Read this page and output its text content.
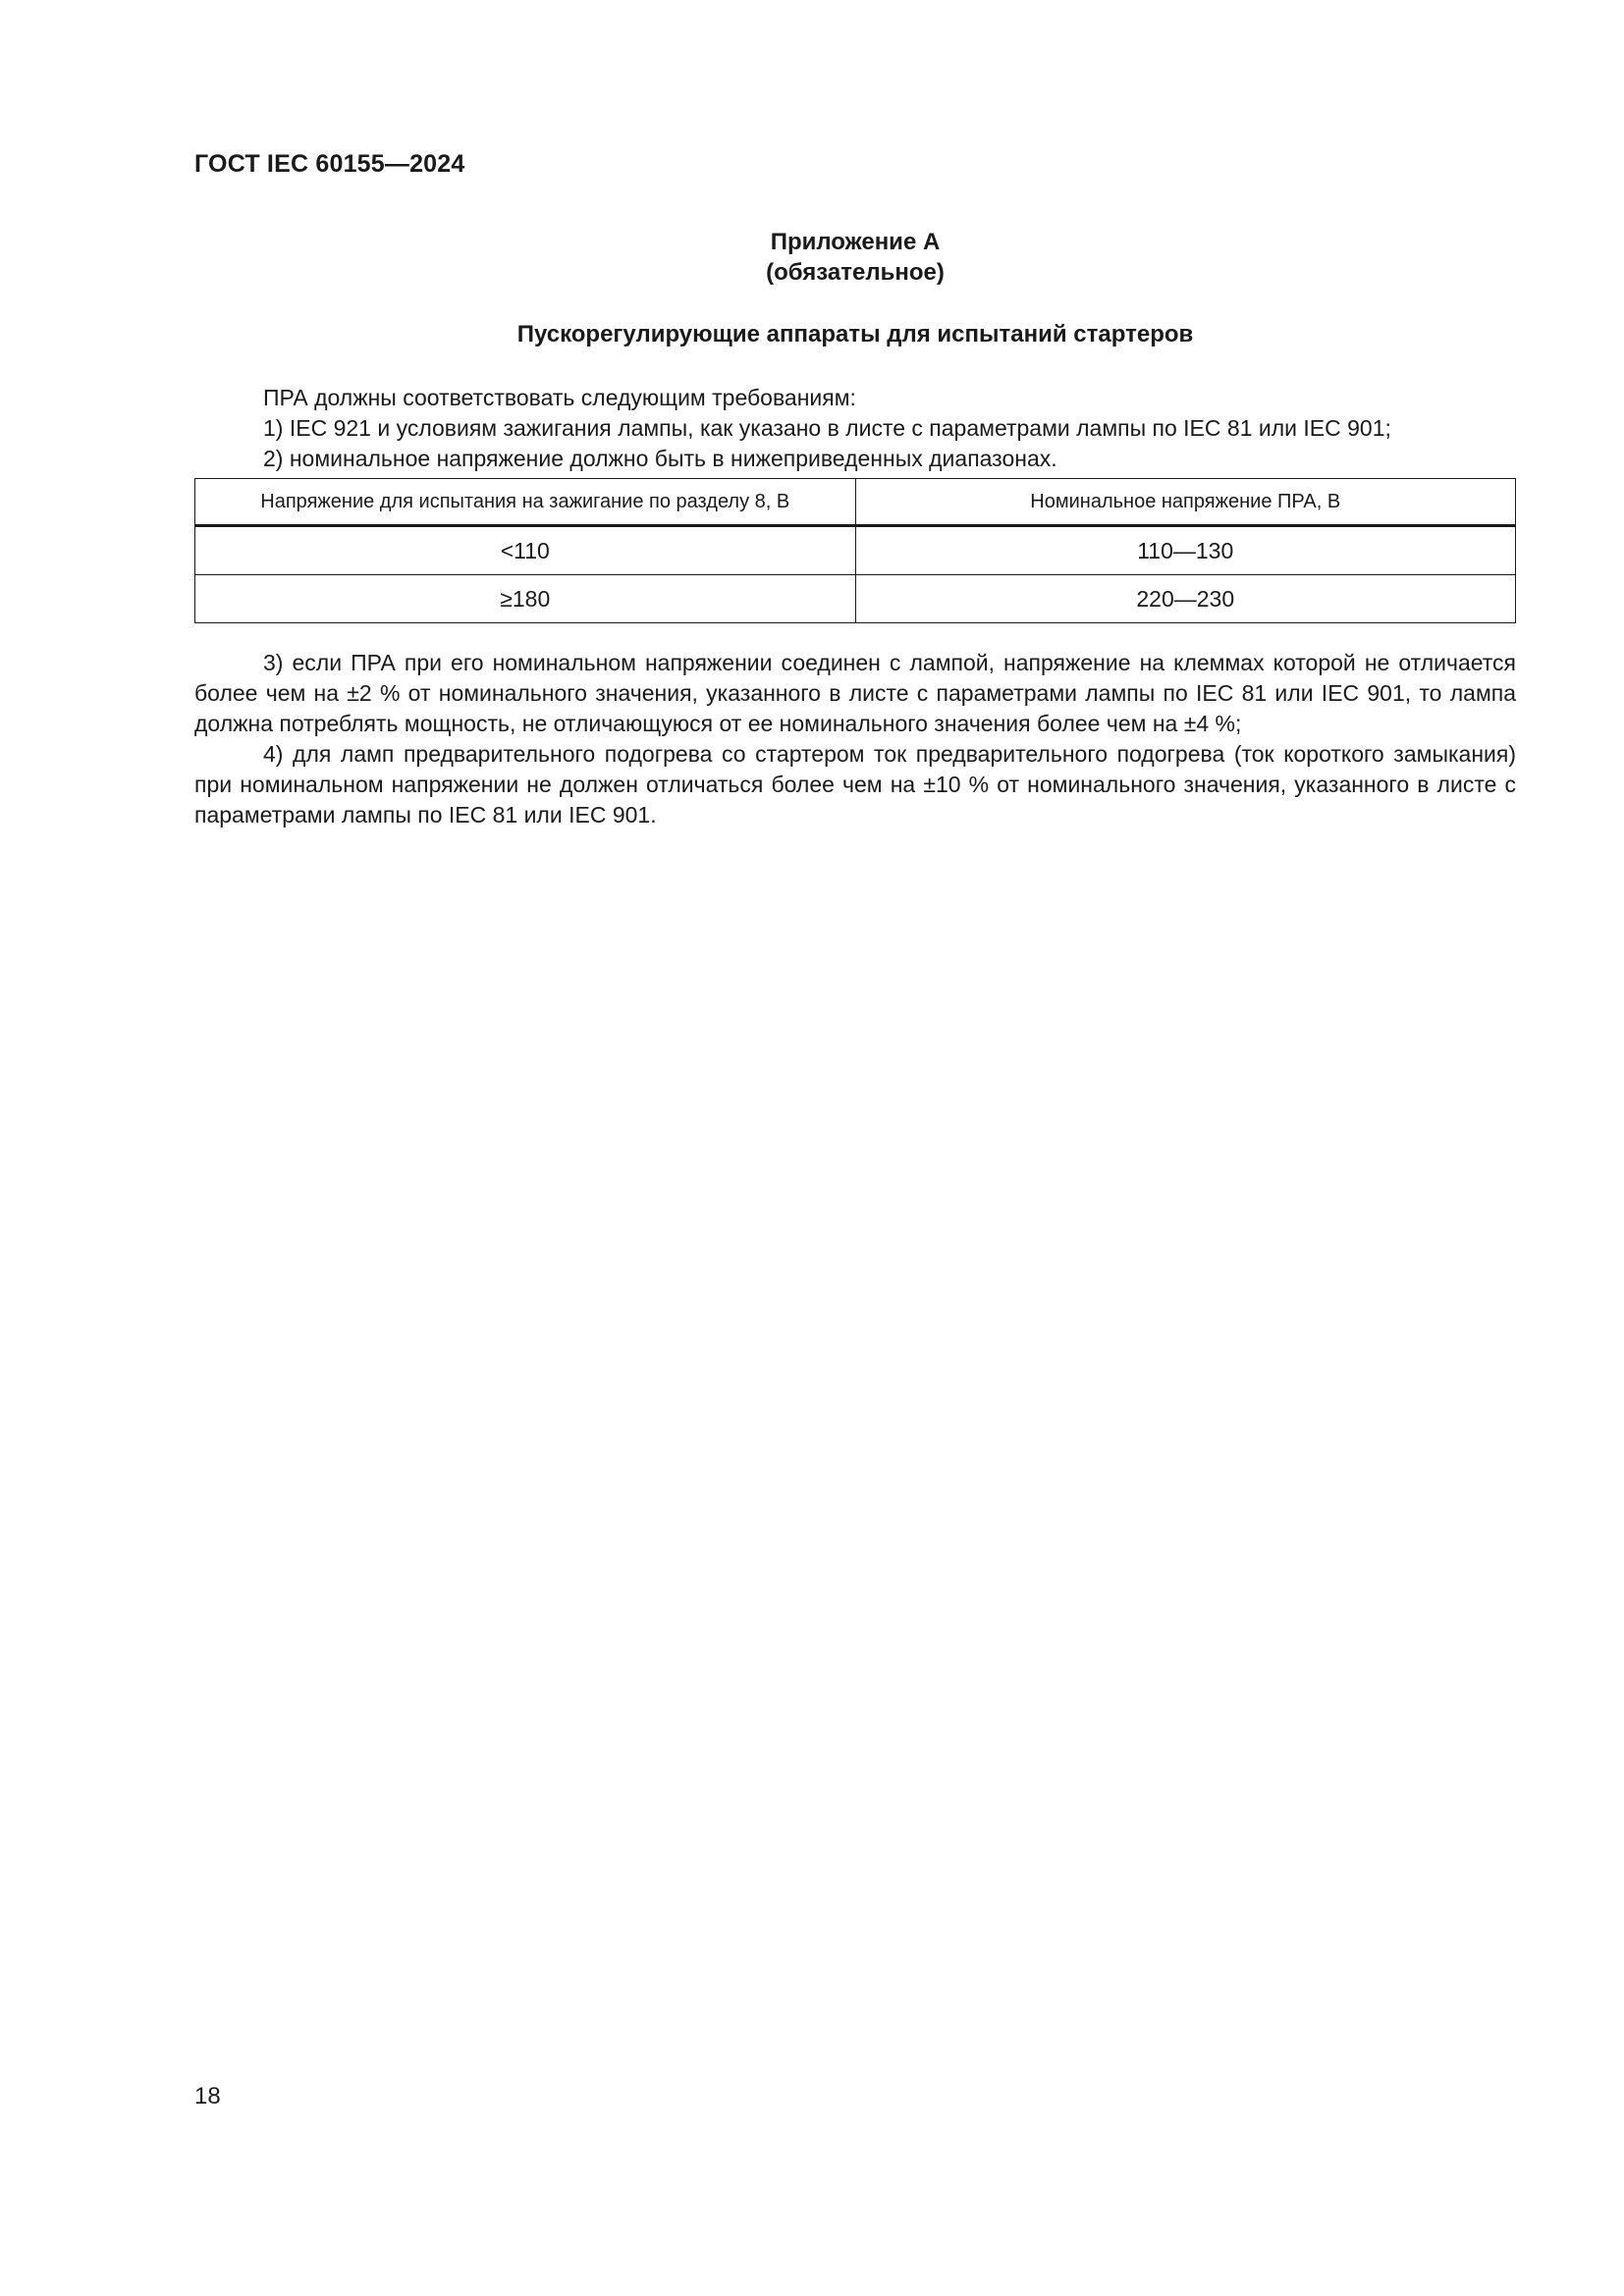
ГОСТ IEC 60155—2024
Приложение А
(обязательное)
Пускорегулирующие аппараты для испытаний стартеров
ПРА должны соответствовать следующим требованиям:
1) IEC 921 и условиям зажигания лампы, как указано в листе с параметрами лампы по IEC 81 или IEC 901;
2) номинальное напряжение должно быть в нижеприведенных диапазонах.
Напряжение для испытания на зажигание по разделу 8, В	Номинальное напряжение ПРА, В
<110	110—130
≥180	220—230

3) если ПРА при его номинальном напряжении соединен с лампой, напряжение на клеммах которой не отличается более чем на ±2 % от номинального значения, указанного в листе с параметрами лампы по IEC 81 или IEC 901, то лампа должна потреблять мощность, не отличающуюся от ее номинального значения более чем на ±4 %;

4) для ламп предварительного подогрева со стартером ток предварительного подогрева (ток короткого замыкания) при номинальном напряжении не должен отличаться более чем на ±10 % от номинального значения, указанного в листе с параметрами лампы по IEC 81 или IEC 901.

18
